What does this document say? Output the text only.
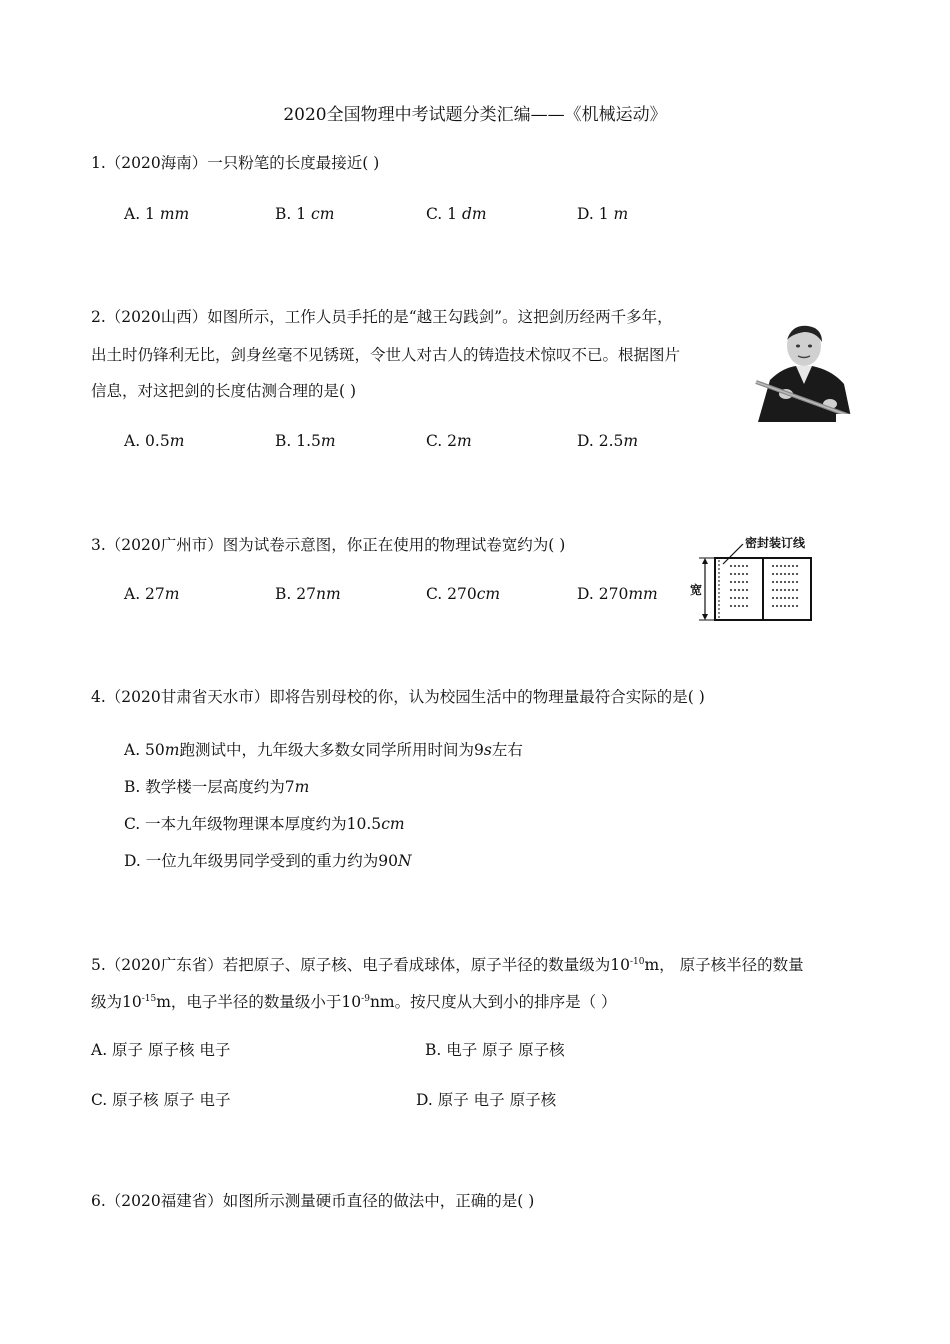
2020全国物理中考试题分类汇编——《机械运动》
1.（2020海南）一只粉笔的长度最接近( )
A. 1 mm	B. 1 cm	C. 1 dm	D. 1 m
2.（2020山西）如图所示，工作人员手托的是“越王勾践剑”。这把剑历经两千多年，
出土时仍锋利无比，剑身丝毫不见锈斑，令世人对古人的铸造技术惊叹不已。根据图片
信息，对这把剑的长度估测合理的是( )
A. 0.5m	B. 1.5m	C. 2m	D. 2.5m
3.（2020广州市）图为试卷示意图，你正在使用的物理试卷宽约为( )
A. 27m	B. 27nm	C. 270cm	D. 270mm
密封装订线
宽
4.（2020甘肃省天水市）即将告别母校的你，认为校园生活中的物理量最符合实际的是( )
A. 50m跑测试中，九年级大多数女同学所用时间为9s左右
B. 教学楼一层高度约为7m
C. 一本九年级物理课本厚度约为10.5cm
D. 一位九年级男同学受到的重力约为90N
5.（2020广东省）若把原子、原子核、电子看成球体，原子半径的数量级为$10^{-10}m$， 原子核半径的数量
级为$10^{-15}m$，电子半径的数量级小于$10^{-9}nm$。按尺度从大到小的排序是（ ）
A. 原子 原子核 电子	B. 电子 原子 原子核
C. 原子核 原子 电子	D. 原子 电子 原子核
6.（2020福建省）如图所示测量硬币直径的做法中，正确的是( )
